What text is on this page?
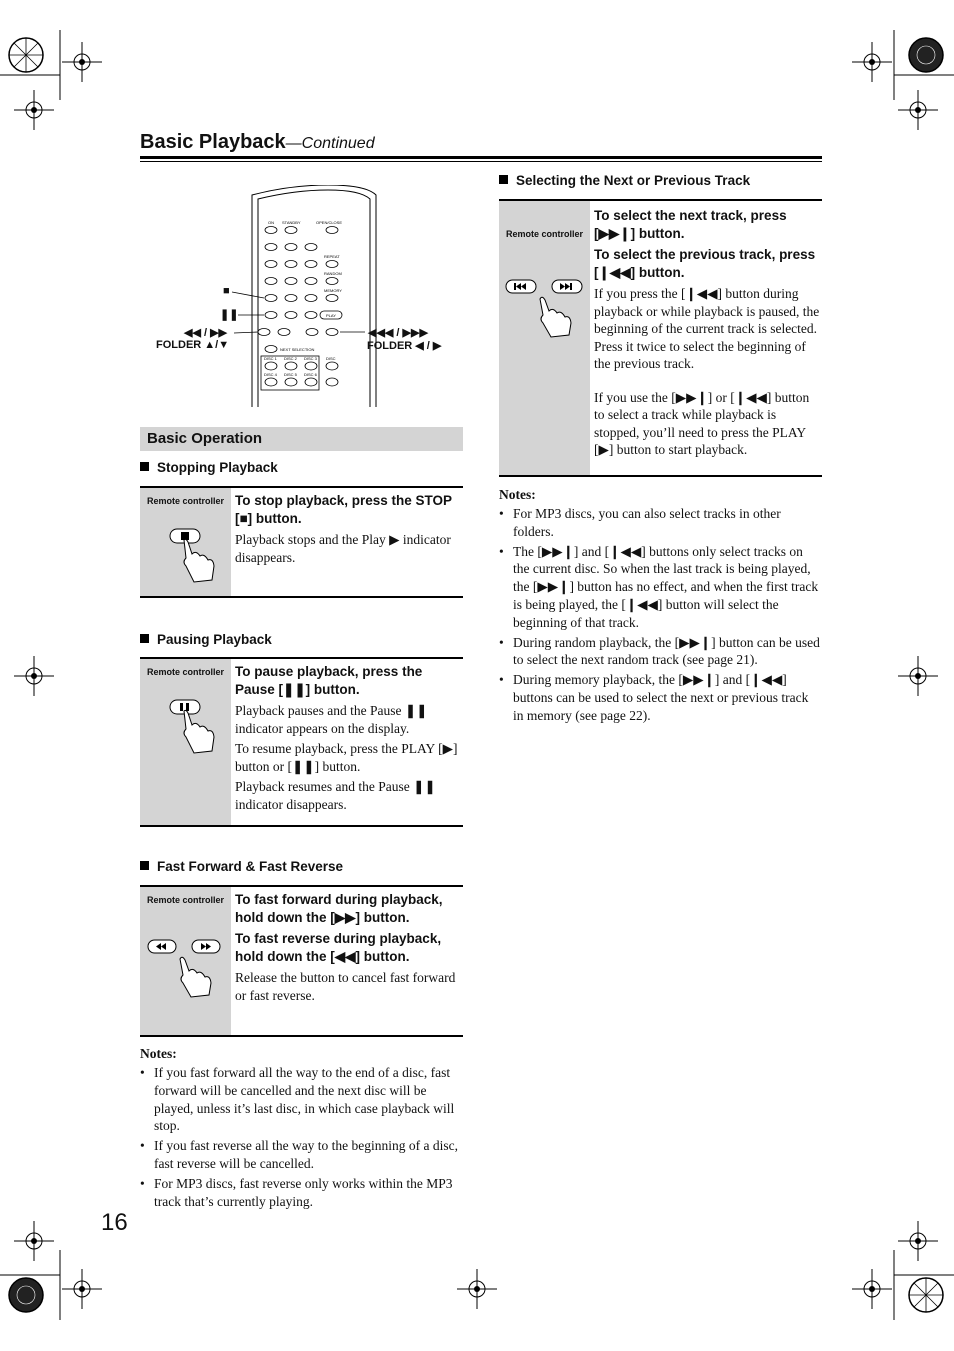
Basic Playback—Continued
ON STANDBY	OPEN/CLOSE
REPEAT
RANDOM
MEMORY
PLAY
NEXT SELECTION
DISC 1 DISC 2 DISC 3
DISC 4 DISC 5 DISC 6
DISC
■
❚❚
◀◀ / ▶▶
FOLDER ▲/▼
◀◀◀ / ▶▶▶
FOLDER ◀ / ▶
Basic Operation
Stopping Playback
Remote controller To stop playback, press the STOP [■] button.

Playback stops and the Play ▶ indicator disappears.

Pausing Playback
Remote controller To pause playback, press the Pause [❚❚] button.

Playback pauses and the Pause ❚❚ indicator appears on the display.

To resume playback, press the PLAY [▶] button or [❚❚] button.

Playback resumes and the Pause ❚❚ indicator disappears.

Fast Forward & Fast Reverse
Remote controller To fast forward during playback, hold down the [▶▶] button.
To fast reverse during playback, hold down the [◀◀] button.

Release the button to cancel fast forward or fast reverse.

Notes:
• If you fast forward all the way to the end of a disc, fast forward will be cancelled and the next disc will be played, unless it’s last disc, in which case playback will stop.
• If you fast reverse all the way to the beginning of a disc, fast reverse will be cancelled.
• For MP3 discs, fast reverse only works within the MP3 track that’s currently playing.
Selecting the Next or Previous Track
Remote controller
To select the next track, press [▶▶❙] button.
To select the previous track, press [❙◀◀] button.

If you press the [❙◀◀] button during playback or while playback is paused, the beginning of the current track is selected. Press it twice to select the beginning of the previous track.

If you use the [▶▶❙] or [❙◀◀] button to select a track while playback is stopped, you’ll need to press the PLAY [▶] button to start playback.

Notes:
• For MP3 discs, you can also select tracks in other folders.
• The [▶▶❙] and [❙◀◀] buttons only select tracks on the current disc. So when the last track is being played, the [▶▶❙] button has no effect, and when the first track is being played, the [❙◀◀] button will select the beginning of that track.
• During random playback, the [▶▶❙] button can be used to select the next random track (see page 21).
• During memory playback, the [▶▶❙] and [❙◀◀] buttons can be used to select the next or previous track in memory (see page 22).
16
